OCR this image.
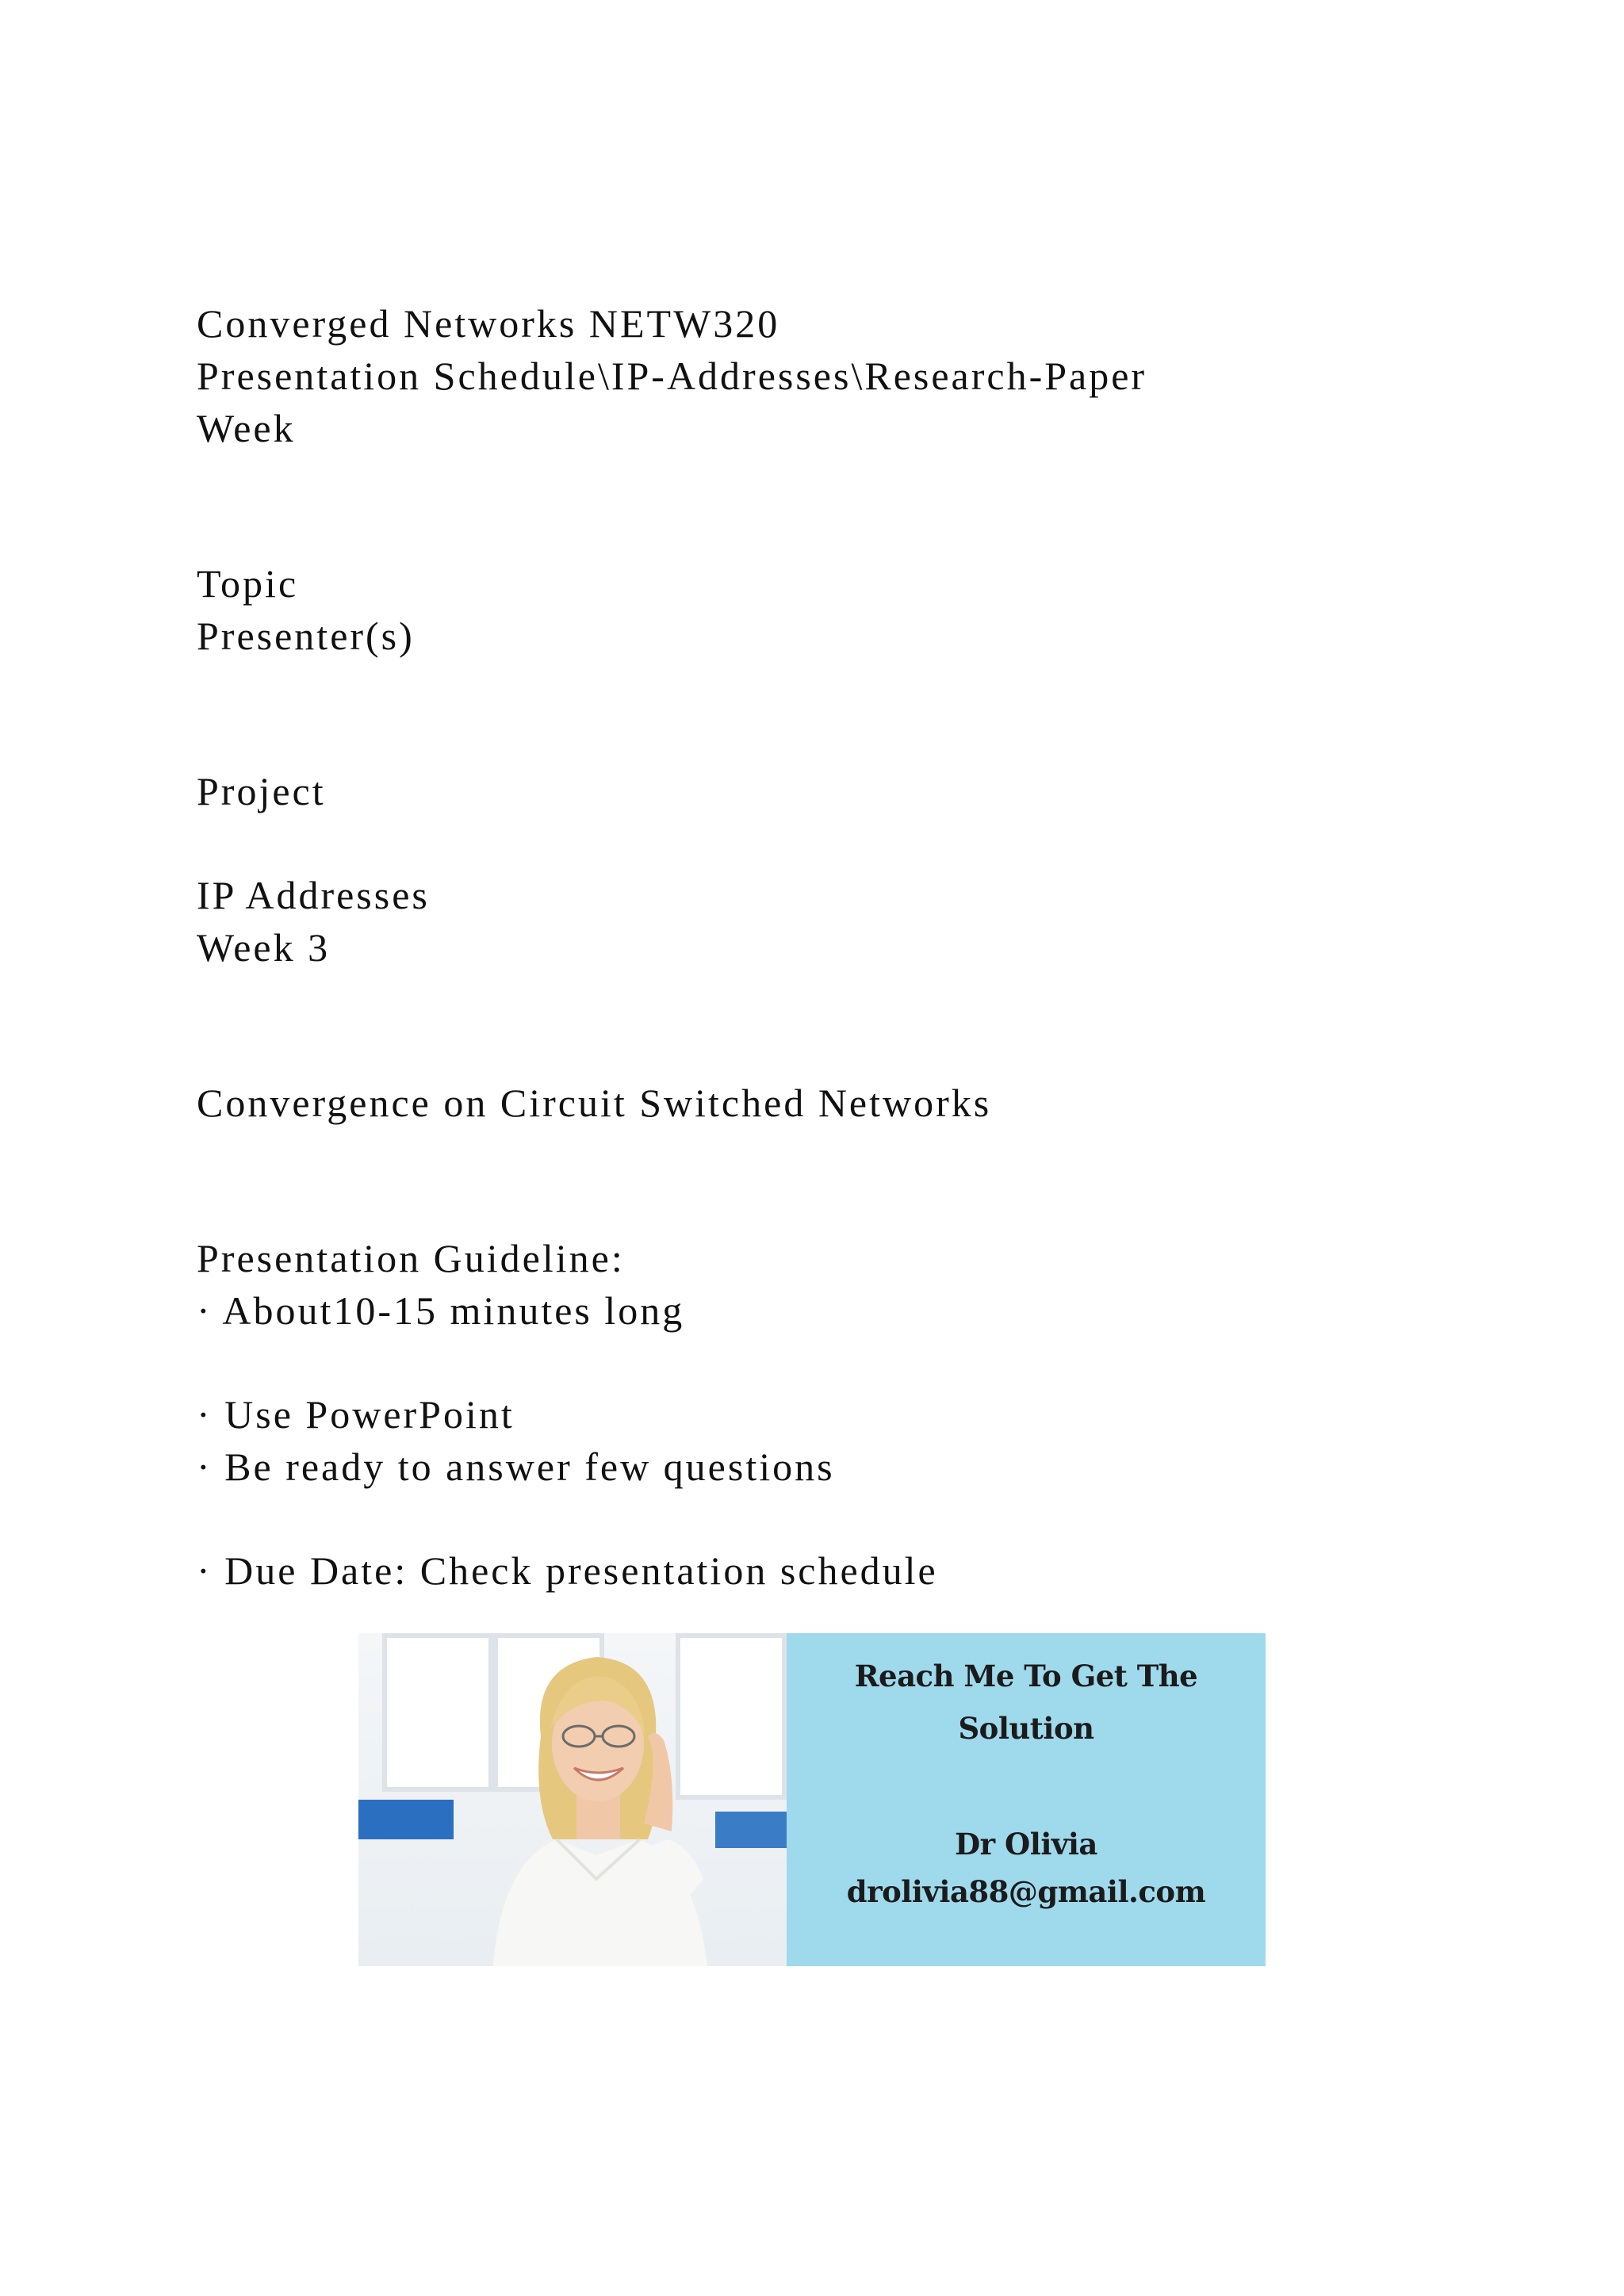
Converged Networks NETW320

Presentation Schedule\IP-Addresses\Research-Paper

Week

Topic

Presenter(s)

Project

IP Addresses

Week 3

Convergence on Circuit Switched Networks

Presentation Guideline:

· About10-15 minutes long

· Use PowerPoint

· Be ready to answer few questions

· Due Date: Check presentation schedule

Reach Me To Get The
Solution
Dr Olivia
drolivia88@gmail.com
